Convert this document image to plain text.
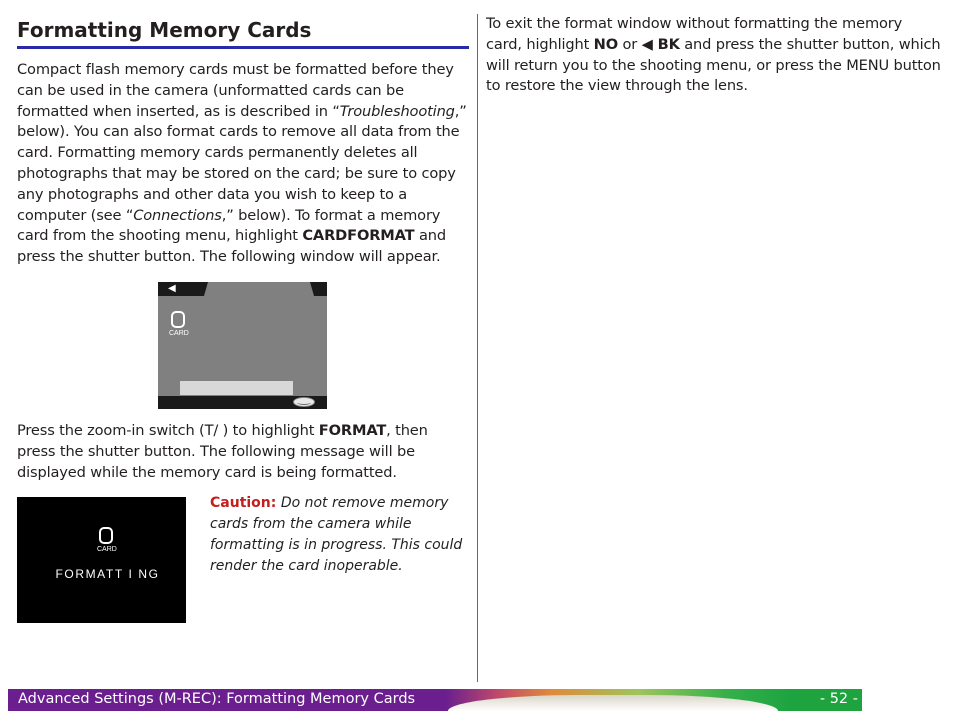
Formatting Memory Cards
Compact flash memory cards must be formatted before they can be used in the camera (unformatted cards can be formatted when inserted, as is described in “Troubleshooting,” below). You can also format cards to remove all data from the card. Formatting memory cards permanently deletes all photographs that may be stored on the card; be sure to copy any photographs and other data you wish to keep to a computer (see “Connections,” below). To format a memory card from the shooting menu, highlight CARDFORMAT and press the shutter button. The following window will appear.
◀
CARD
Press the zoom-in switch (T/ ) to highlight FORMAT, then press the shutter button. The following message will be displayed while the memory card is being formatted.
CARD
FORMATT I NG
Caution: Do not remove memory cards from the camera while formatting is in progress. This could render the card inoperable.
To exit the format window without formatting the memory card, highlight NO or ◀ BK and press the shutter button, which will return you to the shooting menu, or press the MENU button to restore the view through the lens.
Advanced Settings (M-REC): Formatting Memory Cards	- 52 -
